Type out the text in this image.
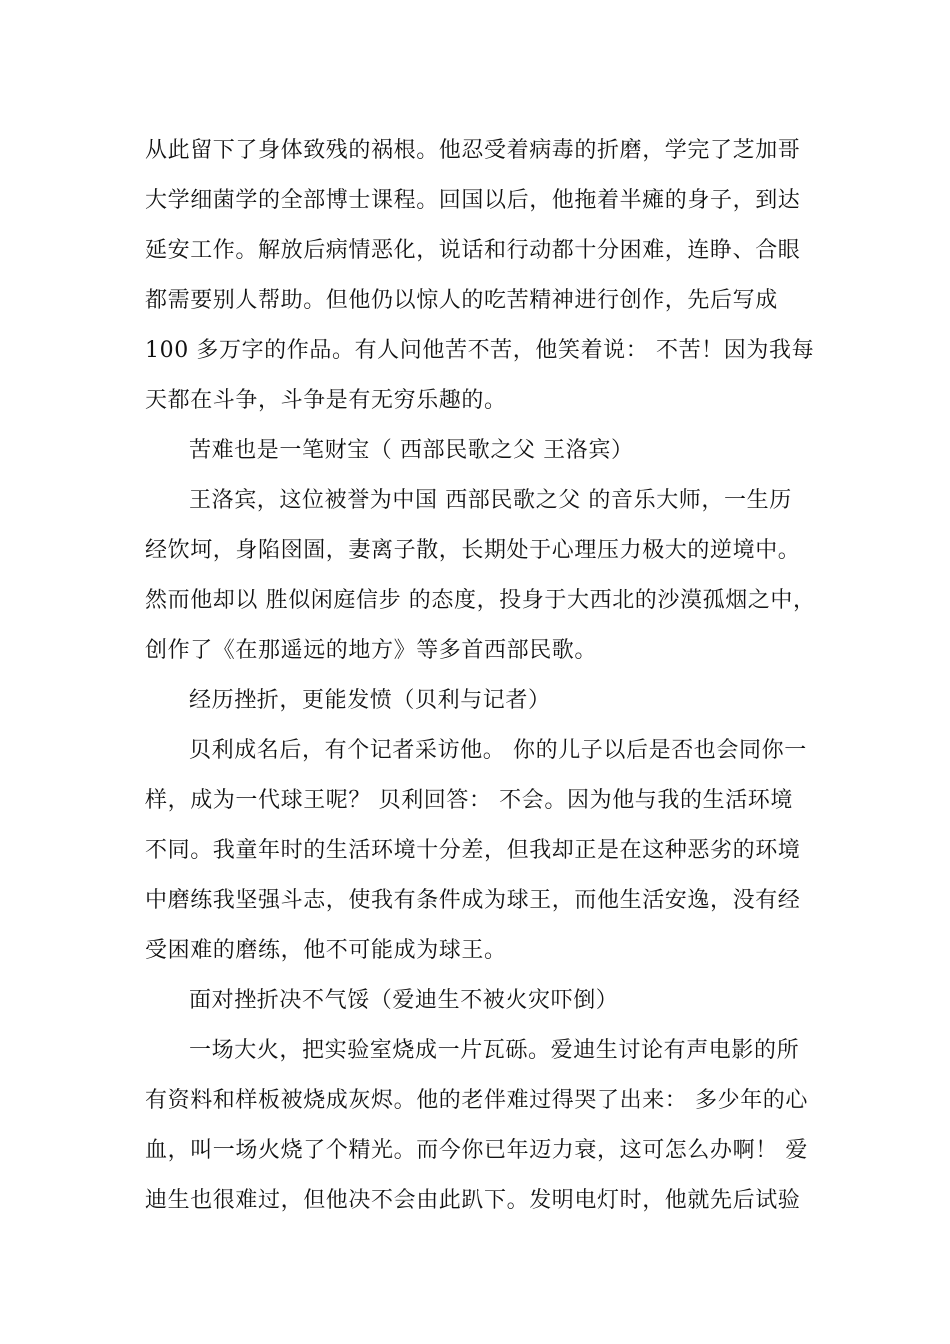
从此留下了身体致残的祸根。他忍受着病毒的折磨，学完了芝加哥
大学细菌学的全部博士课程。回国以后，他拖着半瘫的身子，到达
延安工作。解放后病情恶化，说话和行动都十分困难，连睁、合眼
都需要别人帮助。但他仍以惊人的吃苦精神进行创作，先后写成
100 多万字的作品。有人问他苦不苦，他笑着说： 不苦！因为我每
天都在斗争，斗争是有无穷乐趣的。
苦难也是一笔财宝（ 西部民歌之父 王洛宾）
王洛宾，这位被誉为中国 西部民歌之父 的音乐大师，一生历
经饮坷，身陷囹圄，妻离子散，长期处于心理压力极大的逆境中。
然而他却以 胜似闲庭信步 的态度，投身于大西北的沙漠孤烟之中，
创作了《在那遥远的地方》等多首西部民歌。
经历挫折，更能发愤（贝利与记者）
贝利成名后，有个记者采访他。 你的儿子以后是否也会同你一
样，成为一代球王呢？ 贝利回答： 不会。因为他与我的生活环境
不同。我童年时的生活环境十分差，但我却正是在这种恶劣的环境
中磨练我坚强斗志，使我有条件成为球王，而他生活安逸，没有经
受困难的磨练，他不可能成为球王。
面对挫折决不气馁（爱迪生不被火灾吓倒）
一场大火，把实验室烧成一片瓦砾。爱迪生讨论有声电影的所
有资料和样板被烧成灰烬。他的老伴难过得哭了出来： 多少年的心
血，叫一场火烧了个精光。而今你已年迈力衰，这可怎么办啊！ 爱
迪生也很难过，但他决不会由此趴下。发明电灯时，他就先后试验
